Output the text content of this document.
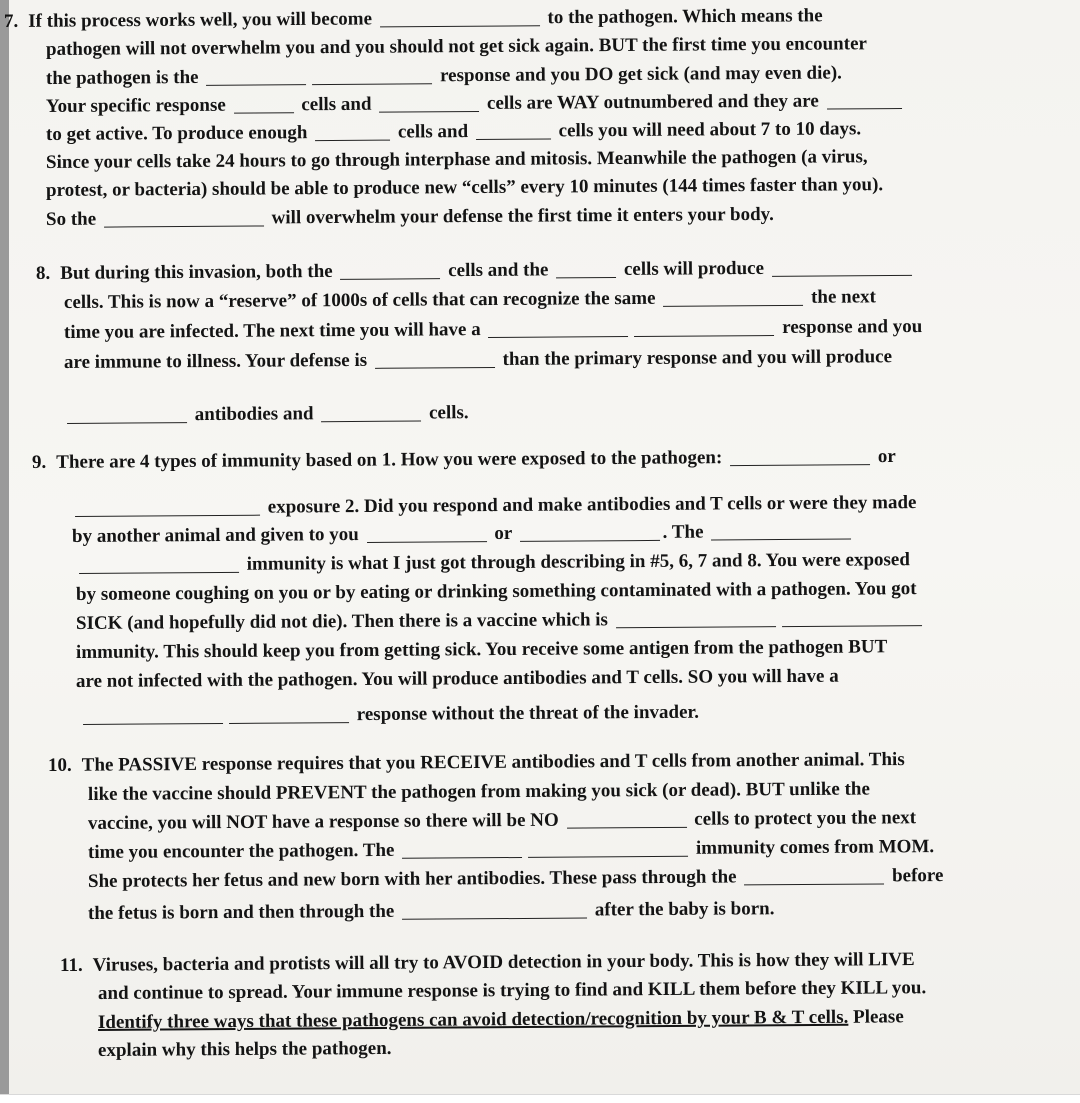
7. If this process works well, you will become	to the pathogen. Which means the
pathogen will not overwhelm you and you should not get sick again. BUT the first time you encounter
the pathogen is the	response and you DO get sick (and may even die).
Your specific response	cells and	cells are WAY outnumbered and they are
to get active. To produce enough	cells and	cells you will need about 7 to 10 days.
Since your cells take 24 hours to go through interphase and mitosis. Meanwhile the pathogen (a virus,
protest, or bacteria) should be able to produce new “cells” every 10 minutes (144 times faster than you).
So the	will overwhelm your defense the first time it enters your body.
8. But during this invasion, both the	cells and the	cells will produce
cells. This is now a “reserve” of 1000s of cells that can recognize the same	the next
time you are infected. The next time you will have a	response and you
are immune to illness. Your defense is	than the primary response and you will produce
antibodies and	cells.
9. There are 4 types of immunity based on 1. How you were exposed to the pathogen:	or
exposure 2. Did you respond and make antibodies and T cells or were they made
by another animal and given to you	or	. The
immunity is what I just got through describing in #5, 6, 7 and 8. You were exposed
by someone coughing on you or by eating or drinking something contaminated with a pathogen. You got
SICK (and hopefully did not die). Then there is a vaccine which is
immunity. This should keep you from getting sick. You receive some antigen from the pathogen BUT
are not infected with the pathogen. You will produce antibodies and T cells. SO you will have a
response without the threat of the invader.
10. The PASSIVE response requires that you RECEIVE antibodies and T cells from another animal. This
like the vaccine should PREVENT the pathogen from making you sick (or dead). BUT unlike the
vaccine, you will NOT have a response so there will be NO	cells to protect you the next
time you encounter the pathogen. The	immunity comes from MOM.
She protects her fetus and new born with her antibodies. These pass through the	before
the fetus is born and then through the	after the baby is born.
11. Viruses, bacteria and protists will all try to AVOID detection in your body. This is how they will LIVE
and continue to spread. Your immune response is trying to find and KILL them before they KILL you.
Identify three ways that these pathogens can avoid detection/recognition by your B & T cells. Please
explain why this helps the pathogen.
